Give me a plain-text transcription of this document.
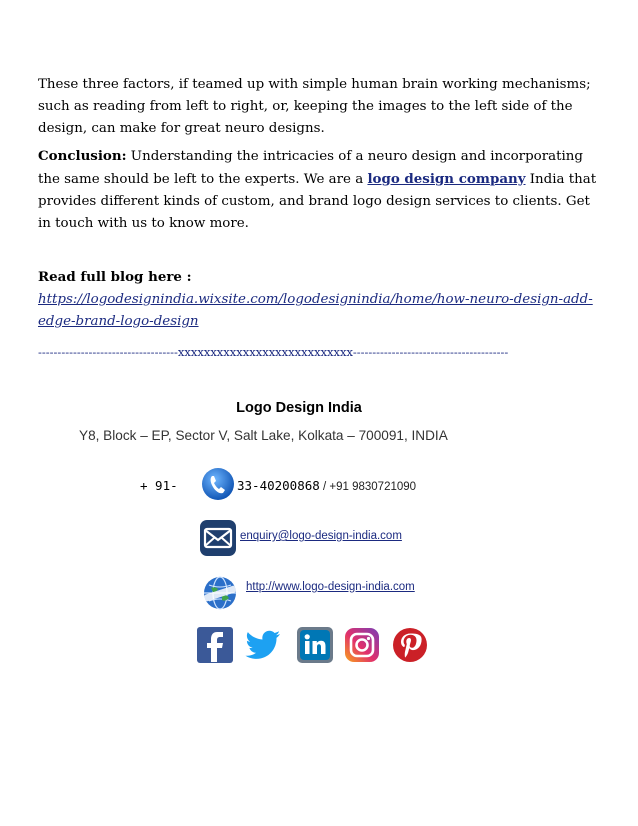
These three factors, if teamed up with simple human brain working mechanisms; such as reading from left to right, or, keeping the images to the left side of the design, can make for great neuro designs.

Conclusion: Understanding the intricacies of a neuro design and incorporating the same should be left to the experts. We are a logo design company India that provides different kinds of custom, and brand logo design services to clients. Get in touch with us to know more.

Read full blog here : https://logodesignindia.wixsite.com/logodesignindia/home/how-neuro-design-add-edge-brand-logo-design

------------------------------------xxxxxxxxxxxxxxxxxxxxxxxxxxx----------------------------------------
Logo Design India
Y8, Block – EP, Sector V, Salt Lake, Kolkata – 700091, INDIA
+ 91-	33-40200868 / +91 9830721090
enquiry@logo-design-india.com
http://www.logo-design-india.com
